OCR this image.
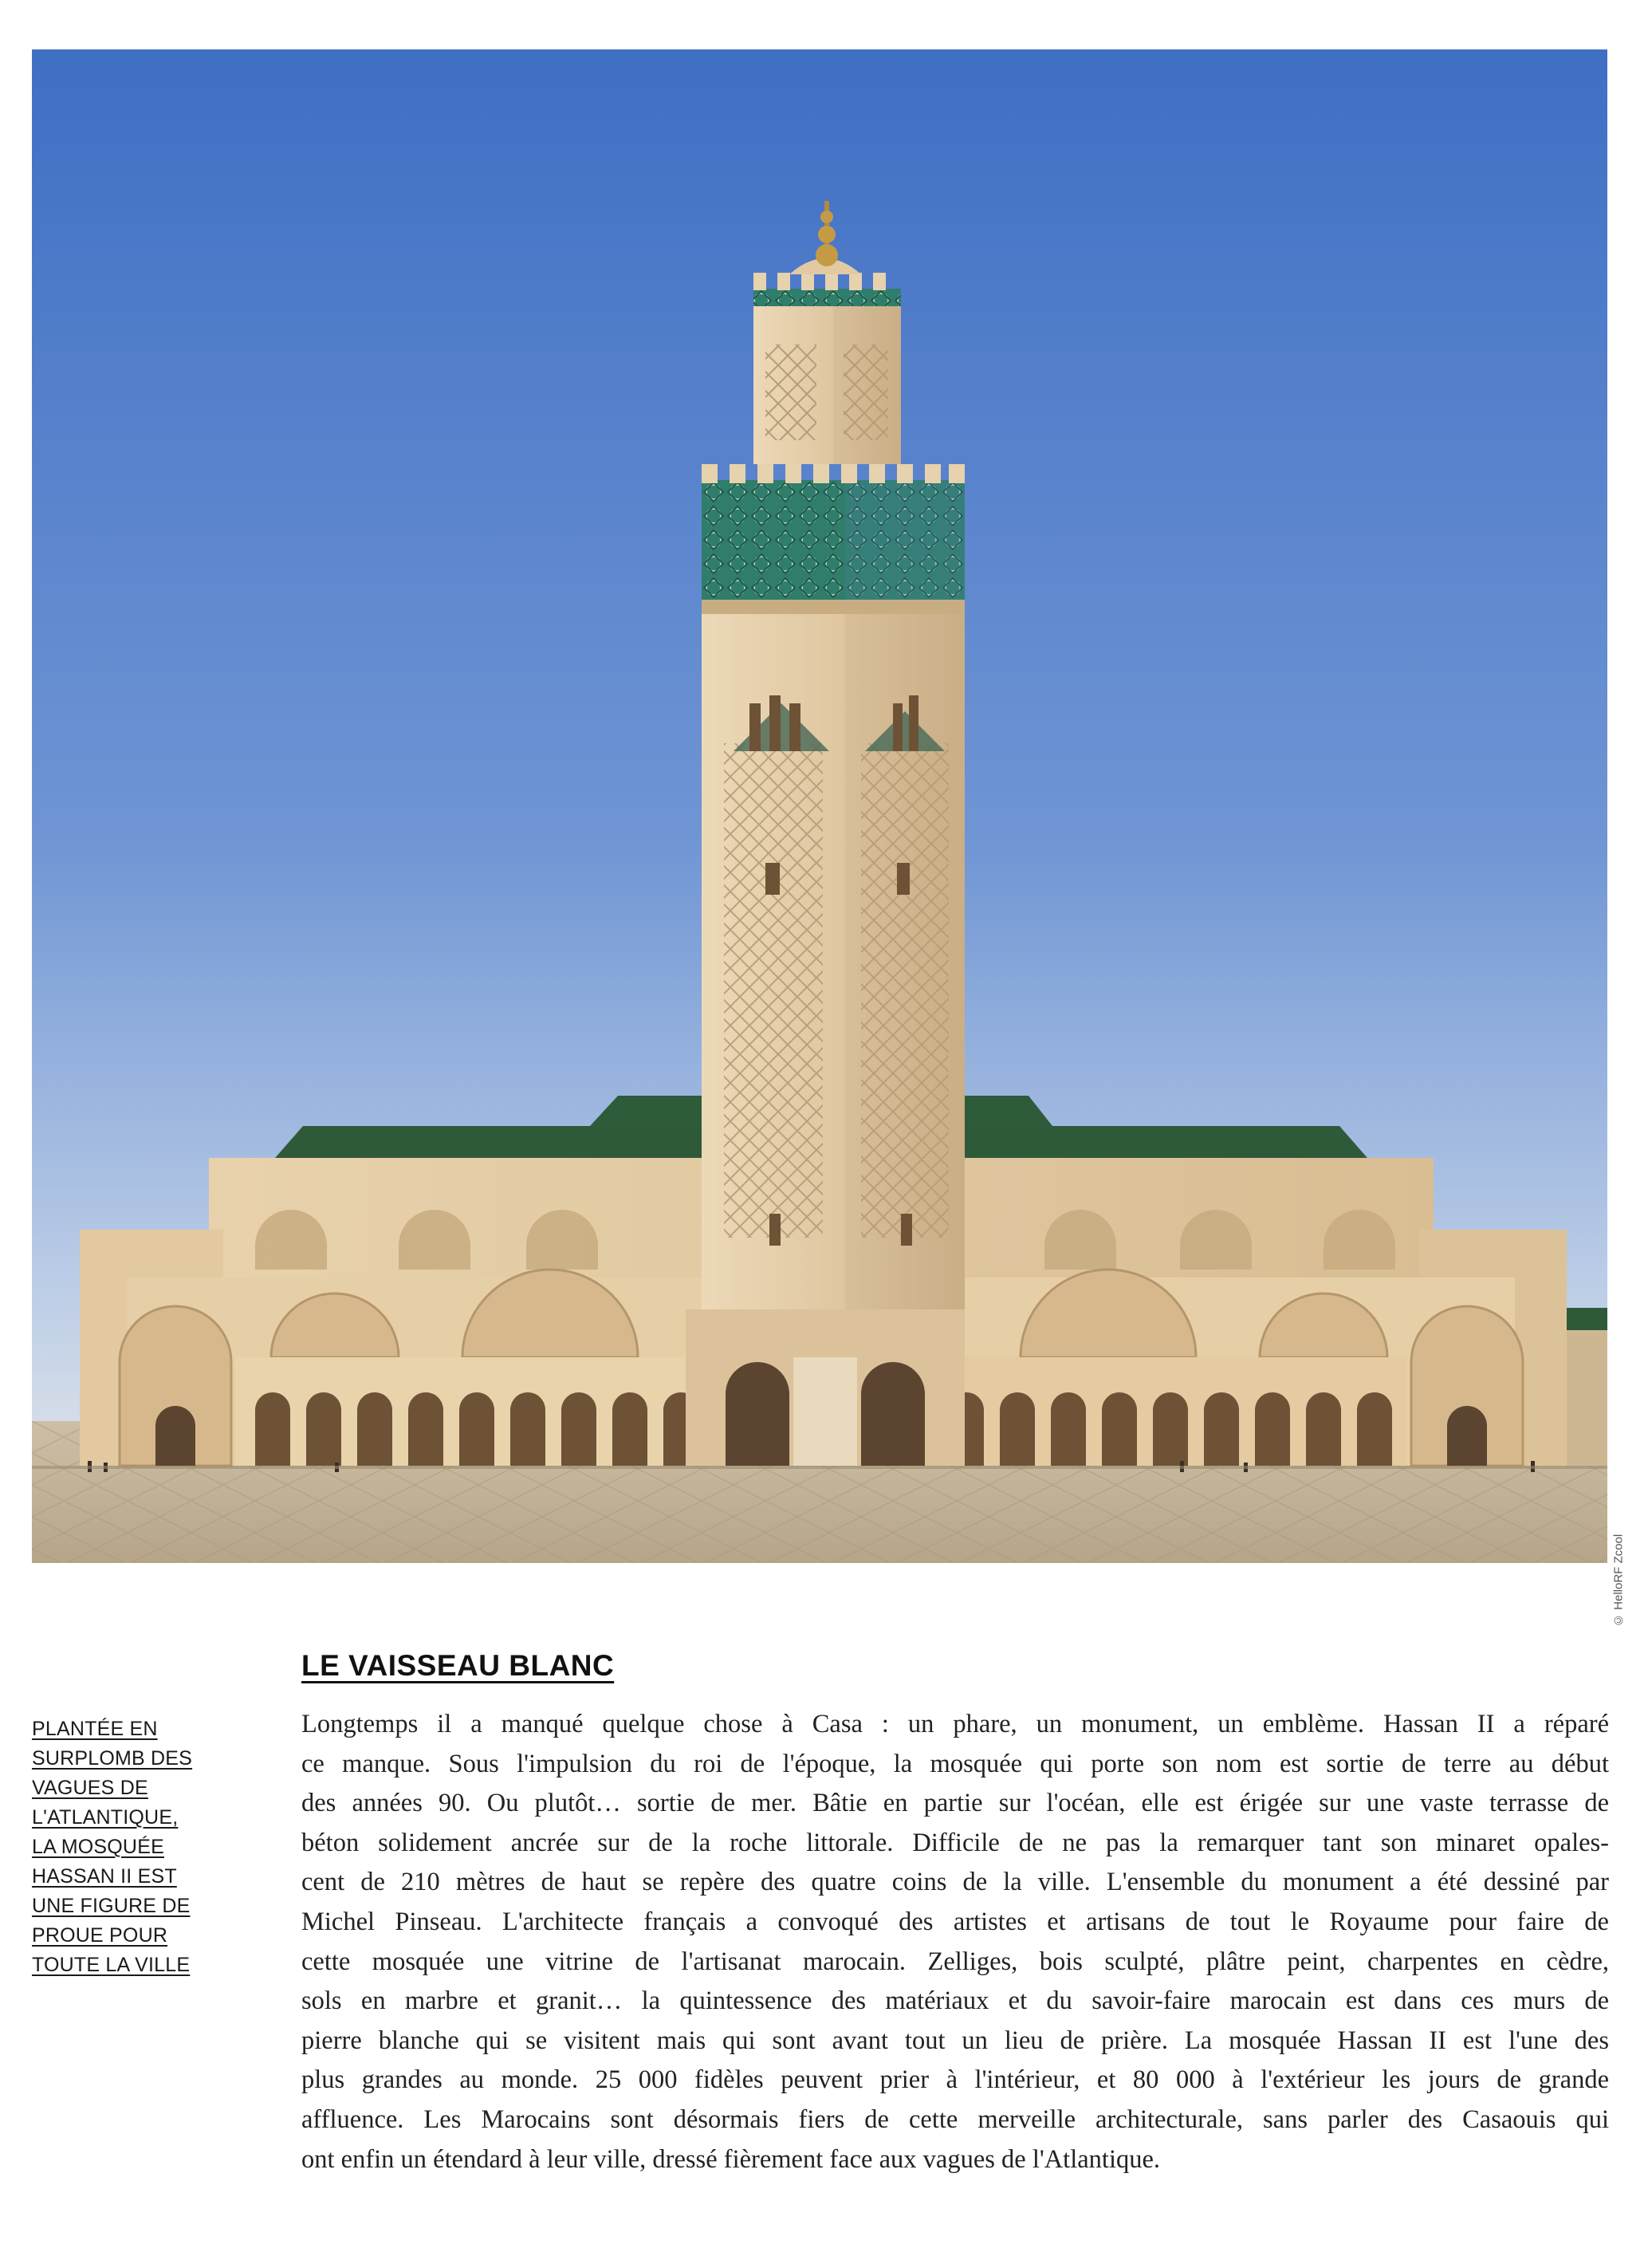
© HelloRF Zcool
PLANTÉE EN
SURPLOMB DES
VAGUES DE
L'ATLANTIQUE,
LA MOSQUÉE
HASSAN II EST
UNE FIGURE DE
PROUE POUR
TOUTE LA VILLE
LE VAISSEAU BLANC
Longtemps il a manqué quelque chose à Casa : un phare, un monument, un emblème. Hassan II a réparé
ce manque. Sous l'impulsion du roi de l'époque, la mosquée qui porte son nom est sortie de terre au début
des années 90. Ou plutôt… sortie de mer. Bâtie en partie sur l'océan, elle est érigée sur une vaste terrasse de
béton solidement ancrée sur de la roche littorale. Difficile de ne pas la remarquer tant son minaret opales-
cent de 210 mètres de haut se repère des quatre coins de la ville. L'ensemble du monument a été dessiné par
Michel Pinseau. L'architecte français a convoqué des artistes et artisans de tout le Royaume pour faire de
cette mosquée une vitrine de l'artisanat marocain. Zelliges, bois sculpté, plâtre peint, charpentes en cèdre,
sols en marbre et granit… la quintessence des matériaux et du savoir-faire marocain est dans ces murs de
pierre blanche qui se visitent mais qui sont avant tout un lieu de prière. La mosquée Hassan II est l'une des
plus grandes au monde. 25 000 fidèles peuvent prier à l'intérieur, et 80 000 à l'extérieur les jours de grande
affluence. Les Marocains sont désormais fiers de cette merveille architecturale, sans parler des Casaouis qui
ont enfin un étendard à leur ville, dressé fièrement face aux vagues de l'Atlantique.
